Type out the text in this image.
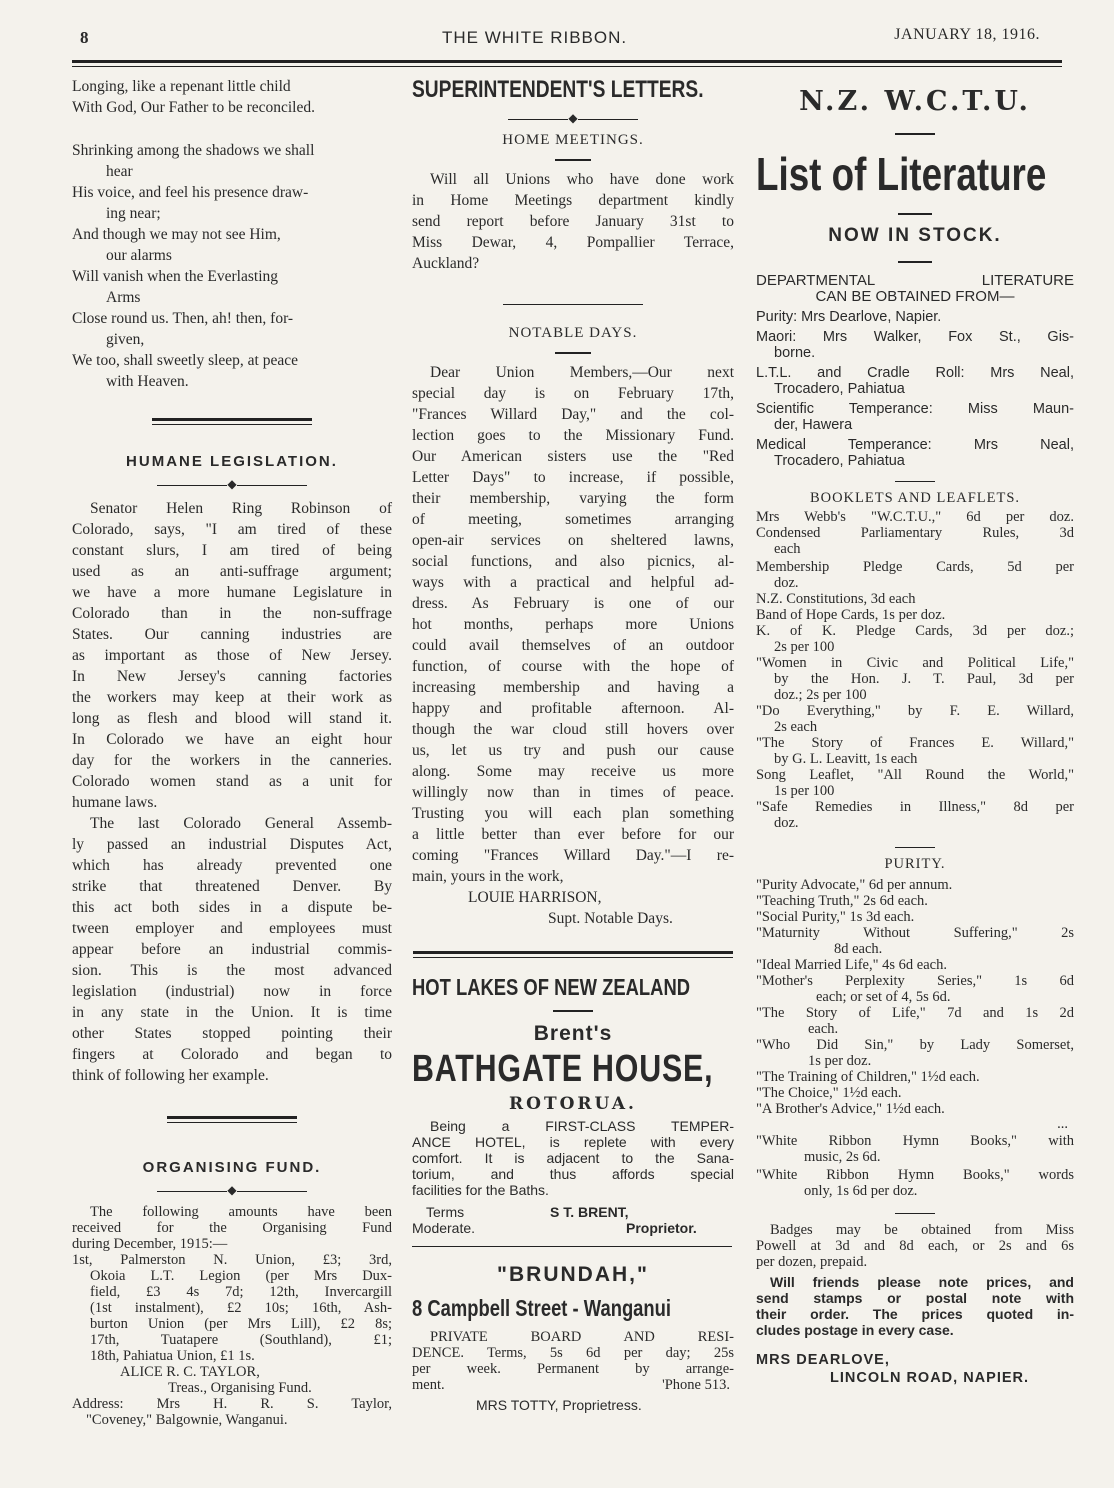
8	THE WHITE RIBBON.	JANUARY 18, 1916.

Longing, like a repenant little child

With God, Our Father to be reconciled.

Shrinking among the shadows we shall

hear

His voice, and feel his presence draw-

ing near;

And though we may not see Him,

our alarms

Will vanish when the Everlasting

Arms

Close round us. Then, ah! then, for-

given,

We too, shall sweetly sleep, at peace

with Heaven.

HUMANE LEGISLATION.
◆

Senator Helen Ring Robinson of

Colorado, says, "I am tired of these

constant slurs, I am tired of being

used as an anti-suffrage argument;

we have a more humane Legislature in

Colorado than in the non-suffrage

States. Our canning industries are

as important as those of New Jersey.

In New Jersey's canning factories

the workers may keep at their work as

long as flesh and blood will stand it.

In Colorado we have an eight hour

day for the workers in the canneries.

Colorado women stand as a unit for

humane laws.

The last Colorado General Assemb-

ly passed an industrial Disputes Act,

which has already prevented one

strike that threatened Denver. By

this act both sides in a dispute be-

tween employer and employees must

appear before an industrial commis-

sion. This is the most advanced

legislation (industrial) now in force

in any state in the Union. It is time

other States stopped pointing their

fingers at Colorado and began to

think of following her example.

ORGANISING FUND.
◆

The following amounts have been

received for the Organising Fund

during December, 1915:—

1st, Palmerston N. Union, £3; 3rd,

Okoia L.T. Legion (per Mrs Dux-

field, £3 4s 7d; 12th, Invercargill

(1st instalment), £2 10s; 16th, Ash-

burton Union (per Mrs Lill), £2 8s;

17th, Tuatapere (Southland), £1;

18th, Pahiatua Union, £1 1s.

ALICE R. C. TAYLOR,

Treas., Organising Fund.

Address: Mrs H. R. S. Taylor,

"Coveney," Balgownie, Wanganui.

SUPERINTENDENT'S LETTERS.
◆
HOME MEETINGS.

Will all Unions who have done work

in Home Meetings department kindly

send report before January 31st to

Miss Dewar, 4, Pompallier Terrace,

Auckland?

NOTABLE DAYS.

Dear Union Members,—Our next

special day is on February 17th,

"Frances Willard Day," and the col-

lection goes to the Missionary Fund.

Our American sisters use the "Red

Letter Days" to increase, if possible,

their membership, varying the form

of meeting, sometimes arranging

open-air services on sheltered lawns,

social functions, and also picnics, al-

ways with a practical and helpful ad-

dress. As February is one of our

hot months, perhaps more Unions

could avail themselves of an outdoor

function, of course with the hope of

increasing membership and having a

happy and profitable afternoon. Al-

though the war cloud still hovers over

us, let us try and push our cause

along. Some may receive us more

willingly now than in times of peace.

Trusting you will each plan something

a little better than ever before for our

coming "Frances Willard Day."—I re-

main, yours in the work,

LOUIE HARRISON,

Supt. Notable Days.

HOT LAKES OF NEW ZEALAND
Brent's
BATHGATE HOUSE,
ROTORUA.

Being a FIRST-CLASS TEMPER-

ANCE HOTEL, is replete with every

comfort. It is adjacent to the Sana-

torium, and thus affords special

facilities for the Baths.

Terms
Moderate.
S T. BRENT,
Proprietor.
"BRUNDAH,"
8 Campbell Street - Wanganui

PRIVATE BOARD AND RESI-

DENCE. Terms, 5s 6d per day; 25s

per week. Permanent by arrange-

ment.	'Phone 513.

MRS TOTTY, Proprietress.

N.Z. W.C.T.U.
List of Literature
NOW IN STOCK.

DEPARTMENTAL LITERATURE

CAN BE OBTAINED FROM—

Purity: Mrs Dearlove, Napier.

Maori: Mrs Walker, Fox St., Gis-

borne.

L.T.L. and Cradle Roll: Mrs Neal,

Trocadero, Pahiatua

Scientific Temperance: Miss Maun-

der, Hawera

Medical Temperance: Mrs Neal,

Trocadero, Pahiatua

BOOKLETS AND LEAFLETS.

Mrs Webb's "W.C.T.U.," 6d per doz.

Condensed Parliamentary Rules, 3d

each

Membership Pledge Cards, 5d per

doz.

N.Z. Constitutions, 3d each

Band of Hope Cards, 1s per doz.

K. of K. Pledge Cards, 3d per doz.;

2s per 100

"Women in Civic and Political Life,"

by the Hon. J. T. Paul, 3d per

doz.; 2s per 100

"Do Everything," by F. E. Willard,

2s each

"The Story of Frances E. Willard,"

by G. L. Leavitt, 1s each

Song Leaflet, "All Round the World,"

1s per 100

"Safe Remedies in Illness," 8d per

doz.

PURITY.

"Purity Advocate," 6d per annum.

"Teaching Truth," 2s 6d each.

"Social Purity," 1s 3d each.

"Maturnity Without Suffering," 2s

8d each.

"Ideal Married Life," 4s 6d each.

"Mother's Perplexity Series," 1s 6d

each; or set of 4, 5s 6d.

"The Story of Life," 7d and 1s 2d

each.

"Who Did Sin," by Lady Somerset,

1s per doz.

"The Training of Children," 1½d each.

"The Choice," 1½d each.

"A Brother's Advice," 1½d each.

...

"White Ribbon Hymn Books," with

music, 2s 6d.

"White Ribbon Hymn Books," words

only, 1s 6d per doz.

Badges may be obtained from Miss

Powell at 3d and 8d each, or 2s and 6s

per dozen, prepaid.

Will friends please note prices, and

send stamps or postal note with

their order. The prices quoted in-

cludes postage in every case.

MRS DEARLOVE,

LINCOLN ROAD, NAPIER.
